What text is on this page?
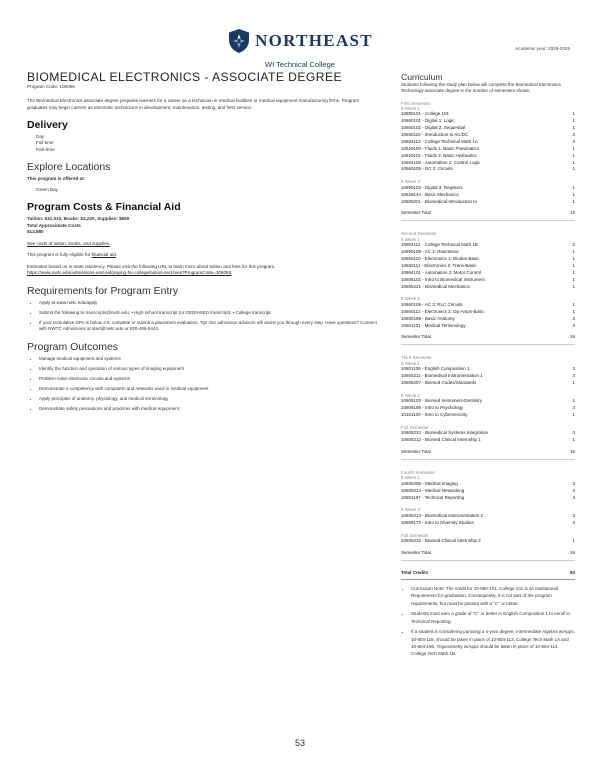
NORTHEAST
WI Technical College
Academic year: 2025-2026
BIOMEDICAL ELECTRONICS - ASSOCIATE DEGREE
Program Code: 106056
The Biomedical Electronics associate degree prepares learners for a career as a technician in medical facilities or medical equipment manufacturing firms. Program graduates may begin careers as electronic technicians in development, maintenance, testing, and field service.
Delivery
Day
Full-time
Part-time
Explore Locations
This program is offered at:
Green Bay
Program Costs & Financial Aid
Tuition: $11,010, Books: $2,220, Supplies: $650
Total Approximate Costs
$13,880
See costs of tuition, books, and supplies.
This program is fully eligible for financial aid.
Estimates based on in-state residency. Please visit the following URL to learn more about tuition and fees for this program.
https://www.nwtc.edu/admissions-and-aid/paying-for-college/tuition-and-fees?ProgramCode=106056
Requirements for Program Entry
• Apply at www.nwtc.edu/apply
• Submit the following to transcripts@nwtc.edu: • High school transcript (or GED/HSED transcript). • College transcript.
• If your cumulative GPA is below 2.6, complete or submit a placement evaluation. Tip! Our admission advisors will assist you through every step. Have questions? Connect with NWTC Admissions at start@nwtc.edu or 920-498-5444.
Program Outcomes
• Manage medical equipment and systems
• Identify the function and operation of various types of imaging equipment
• Problem-solve electronic circuits and systems
• Demonstrate a competency with computers and networks used in medical equipment
• Apply principles of anatomy, physiology, and medical terminology
• Demonstrate safety precautions and practices with medical equipment
Curriculum
Students following the study plan below will complete the Biomedical Electronics Technology associate degree in the number of semesters shown.
First Semester
8 Week 1
10890101 - College 101	1
10660101 - Digital 1: Logic	1
10660102 - Digital 2: Sequential	1
10660116 - Introduction to AC/DC	2
10804113 - College Technical Math 1A	3
10620100 - Fluids 1: Basic Pneumatics	1
10620101 - Fluids 2: Basic Hydraulics	1
10664100 - Automation 1: Control Logic	1
10660105 - DC 2: Circuits	1
8 Week 2
10660103 - Digital 3: Registers	1
10620144 - Basic Mechanics	1
10605201 - Biomedical-Introduction to	1
Semester Total	15
Second Semester
8 Week 1
10804114 - College Technical Math 1B	2
10660108 - AC 2: Reactance	1
10660110 - Electronics 1: Diodes-Basic	1
10660111 - Electronics 2: Trans-Basic	1
10664101 - Automation 2: Motor Control	1
10605102 - Intro to Biomedical Instrument	1
10605221 - Biomedical Mechanics	1
8 Week 2
10660109 - AC 3: RLC Circuits	1
10660112 - Electronics 3: Op-Amps-Basic	1
10806189 - Basic Anatomy	3
10501101 - Medical Terminology	3
Semester Total	16
Third Semester
8 Week 1
10801136 - English Composition 1	3
10605211 - Biomedical Instrumentation 1	3
10605207 - Biomed Codes/Standards	1
8 Week 2
10605103 - Biomed Instrument-Dentistry	1
10809198 - Intro to Psychology	3
10151100 - Intro to Cybersecurity	1
Full Semester
10605222 - Biomedical Systems Integration	3
10605212 - Biomed Clinical Internship 1	1
Semester Total	16
Fourth Semester
8 Week 1
10605206 - Medical Imaging	3
10605214 - Medical Networking	3
10801197 - Technical Reporting	3
8 Week 2
10605213 - Biomedical Instrumentation 2	3
10809172 - Intro to Diversity Studies	3
Full Semester
10605215 - Biomed Clinical Internship 2	1
Semester Total	16
Total Credits	63
• Curriculum Note: The credit for 10-890-101, College 101 is an Institutional Requirement for graduation. Consequently, it is not part of the program requirements, but must be passed with a "C" or better.
• Students must earn a grade of "C" or better in English Composition 1 to enroll in Technical Reporting.
• If a student is considering pursuing a 4-year degree, Intermediate Algebra w/Apps, 10-804-118, should be taken in place of 10-804-113, College Tech Math 1A and 10-804-196, Trigonometry w/Apps should be taken in place of 10-804-114, College Tech Math 1B.
53
